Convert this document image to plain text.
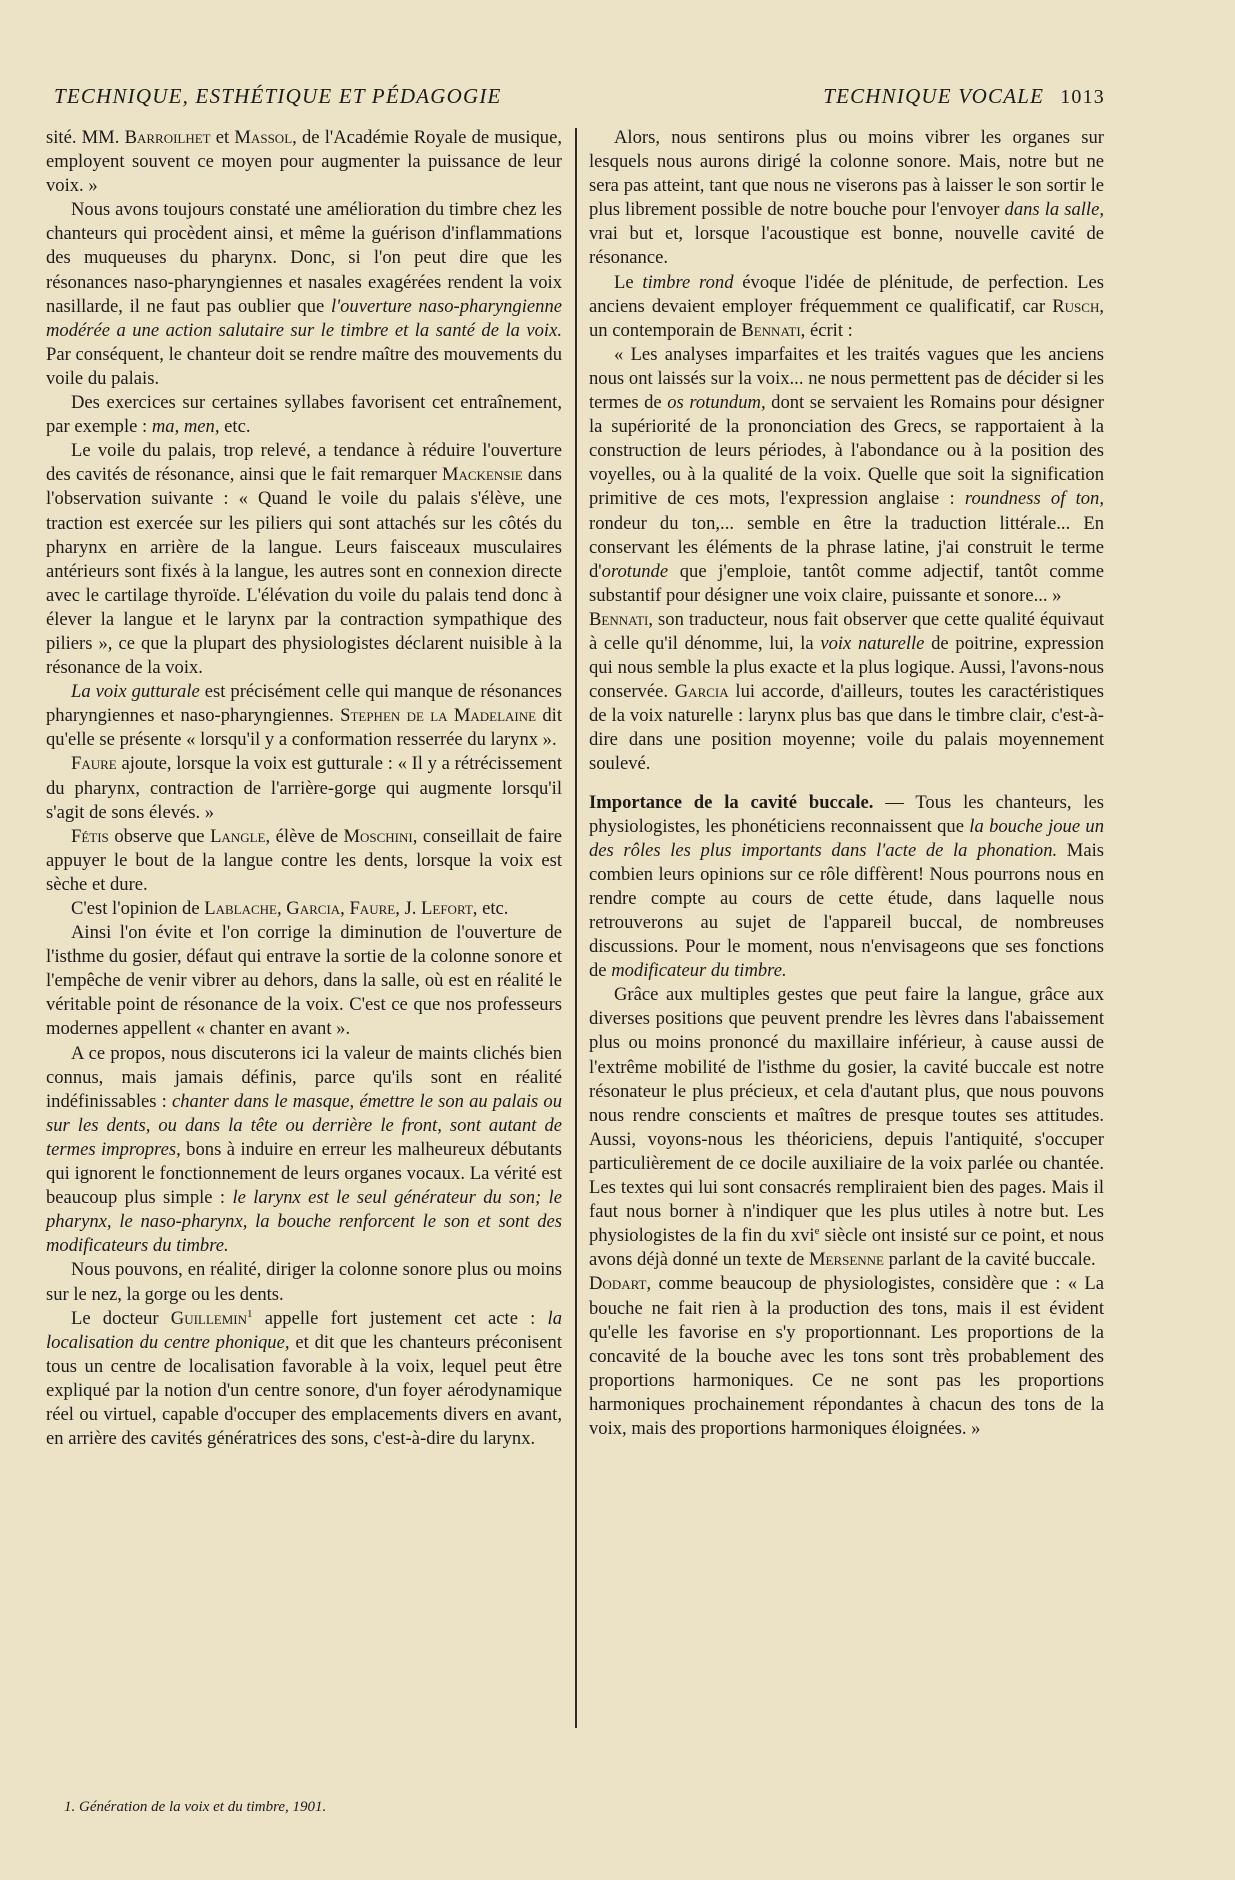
TECHNIQUE, ESTHÉTIQUE ET PÉDAGOGIE	TECHNIQUE VOCALE 1013

sité. MM. Barroilhet et Massol, de l'Académie Royale de musique, employent souvent ce moyen pour augmenter la puissance de leur voix. »

Nous avons toujours constaté une amélioration du timbre chez les chanteurs qui procèdent ainsi, et même la guérison d'inflammations des muqueuses du pharynx. Donc, si l'on peut dire que les résonances naso-pharyngiennes et nasales exagérées rendent la voix nasillarde, il ne faut pas oublier que l'ouverture naso-pharyngienne modérée a une action salutaire sur le timbre et la santé de la voix. Par conséquent, le chanteur doit se rendre maître des mouvements du voile du palais.

Des exercices sur certaines syllabes favorisent cet entraînement, par exemple : ma, men, etc.

Le voile du palais, trop relevé, a tendance à réduire l'ouverture des cavités de résonance, ainsi que le fait remarquer Mackensie dans l'observation suivante : « Quand le voile du palais s'élève, une traction est exercée sur les piliers qui sont attachés sur les côtés du pharynx en arrière de la langue. Leurs faisceaux musculaires antérieurs sont fixés à la langue, les autres sont en connexion directe avec le cartilage thyroïde. L'élévation du voile du palais tend donc à élever la langue et le larynx par la contraction sympathique des piliers », ce que la plupart des physiologistes déclarent nuisible à la résonance de la voix.

La voix gutturale est précisément celle qui manque de résonances pharyngiennes et naso-pharyngiennes. Stephen de la Madelaine dit qu'elle se présente « lorsqu'il y a conformation resserrée du larynx ».

Faure ajoute, lorsque la voix est gutturale : « Il y a rétrécissement du pharynx, contraction de l'arrière-gorge qui augmente lorsqu'il s'agit de sons élevés. »

Fétis observe que Langle, élève de Moschini, conseillait de faire appuyer le bout de la langue contre les dents, lorsque la voix est sèche et dure.

C'est l'opinion de Lablache, Garcia, Faure, J. Lefort, etc.

Ainsi l'on évite et l'on corrige la diminution de l'ouverture de l'isthme du gosier, défaut qui entrave la sortie de la colonne sonore et l'empêche de venir vibrer au dehors, dans la salle, où est en réalité le véritable point de résonance de la voix. C'est ce que nos professeurs modernes appellent « chanter en avant ».

A ce propos, nous discuterons ici la valeur de maints clichés bien connus, mais jamais définis, parce qu'ils sont en réalité indéfinissables : chanter dans le masque, émettre le son au palais ou sur les dents, ou dans la tête ou derrière le front, sont autant de termes impropres, bons à induire en erreur les malheureux débutants qui ignorent le fonctionnement de leurs organes vocaux. La vérité est beaucoup plus simple : le larynx est le seul générateur du son; le pharynx, le naso-pharynx, la bouche renforcent le son et sont des modificateurs du timbre.

Nous pouvons, en réalité, diriger la colonne sonore plus ou moins sur le nez, la gorge ou les dents.

Le docteur Guillemin$^1$ appelle fort justement cet acte : la localisation du centre phonique, et dit que les chanteurs préconisent tous un centre de localisation favorable à la voix, lequel peut être expliqué par la notion d'un centre sonore, d'un foyer aérodynamique réel ou virtuel, capable d'occuper des emplacements divers en avant, en arrière des cavités génératrices des sons, c'est-à-dire du larynx.

Alors, nous sentirons plus ou moins vibrer les organes sur lesquels nous aurons dirigé la colonne sonore. Mais, notre but ne sera pas atteint, tant que nous ne viserons pas à laisser le son sortir le plus librement possible de notre bouche pour l'envoyer dans la salle, vrai but et, lorsque l'acoustique est bonne, nouvelle cavité de résonance.

Le timbre rond évoque l'idée de plénitude, de perfection. Les anciens devaient employer fréquemment ce qualificatif, car Rusch, un contemporain de Bennati, écrit :

« Les analyses imparfaites et les traités vagues que les anciens nous ont laissés sur la voix... ne nous permettent pas de décider si les termes de os rotundum, dont se servaient les Romains pour désigner la supériorité de la prononciation des Grecs, se rapportaient à la construction de leurs périodes, à l'abondance ou à la position des voyelles, ou à la qualité de la voix. Quelle que soit la signification primitive de ces mots, l'expression anglaise : roundness of ton, rondeur du ton,... semble en être la traduction littérale... En conservant les éléments de la phrase latine, j'ai construit le terme d'orotunde que j'emploie, tantôt comme adjectif, tantôt comme substantif pour désigner une voix claire, puissante et sonore... »

Bennati, son traducteur, nous fait observer que cette qualité équivaut à celle qu'il dénomme, lui, la voix naturelle de poitrine, expression qui nous semble la plus exacte et la plus logique. Aussi, l'avons-nous conservée. Garcia lui accorde, d'ailleurs, toutes les caractéristiques de la voix naturelle : larynx plus bas que dans le timbre clair, c'est-à-dire dans une position moyenne; voile du palais moyennement soulevé.

Importance de la cavité buccale. — Tous les chanteurs, les physiologistes, les phonéticiens reconnaissent que la bouche joue un des rôles les plus importants dans l'acte de la phonation. Mais combien leurs opinions sur ce rôle diffèrent! Nous pourrons nous en rendre compte au cours de cette étude, dans laquelle nous retrouverons au sujet de l'appareil buccal, de nombreuses discussions. Pour le moment, nous n'envisageons que ses fonctions de modificateur du timbre.

Grâce aux multiples gestes que peut faire la langue, grâce aux diverses positions que peuvent prendre les lèvres dans l'abaissement plus ou moins prononcé du maxillaire inférieur, à cause aussi de l'extrême mobilité de l'isthme du gosier, la cavité buccale est notre résonateur le plus précieux, et cela d'autant plus, que nous pouvons nous rendre conscients et maîtres de presque toutes ses attitudes. Aussi, voyons-nous les théoriciens, depuis l'antiquité, s'occuper particulièrement de ce docile auxiliaire de la voix parlée ou chantée. Les textes qui lui sont consacrés rempliraient bien des pages. Mais il faut nous borner à n'indiquer que les plus utiles à notre but. Les physiologistes de la fin du xvi$^e$ siècle ont insisté sur ce point, et nous avons déjà donné un texte de Mersenne parlant de la cavité buccale.

Dodart, comme beaucoup de physiologistes, considère que : « La bouche ne fait rien à la production des tons, mais il est évident qu'elle les favorise en s'y proportionnant. Les proportions de la concavité de la bouche avec les tons sont très probablement des proportions harmoniques. Ce ne sont pas les proportions harmoniques prochainement répondantes à chacun des tons de la voix, mais des proportions harmoniques éloignées. »

1. Génération de la voix et du timbre, 1901.
